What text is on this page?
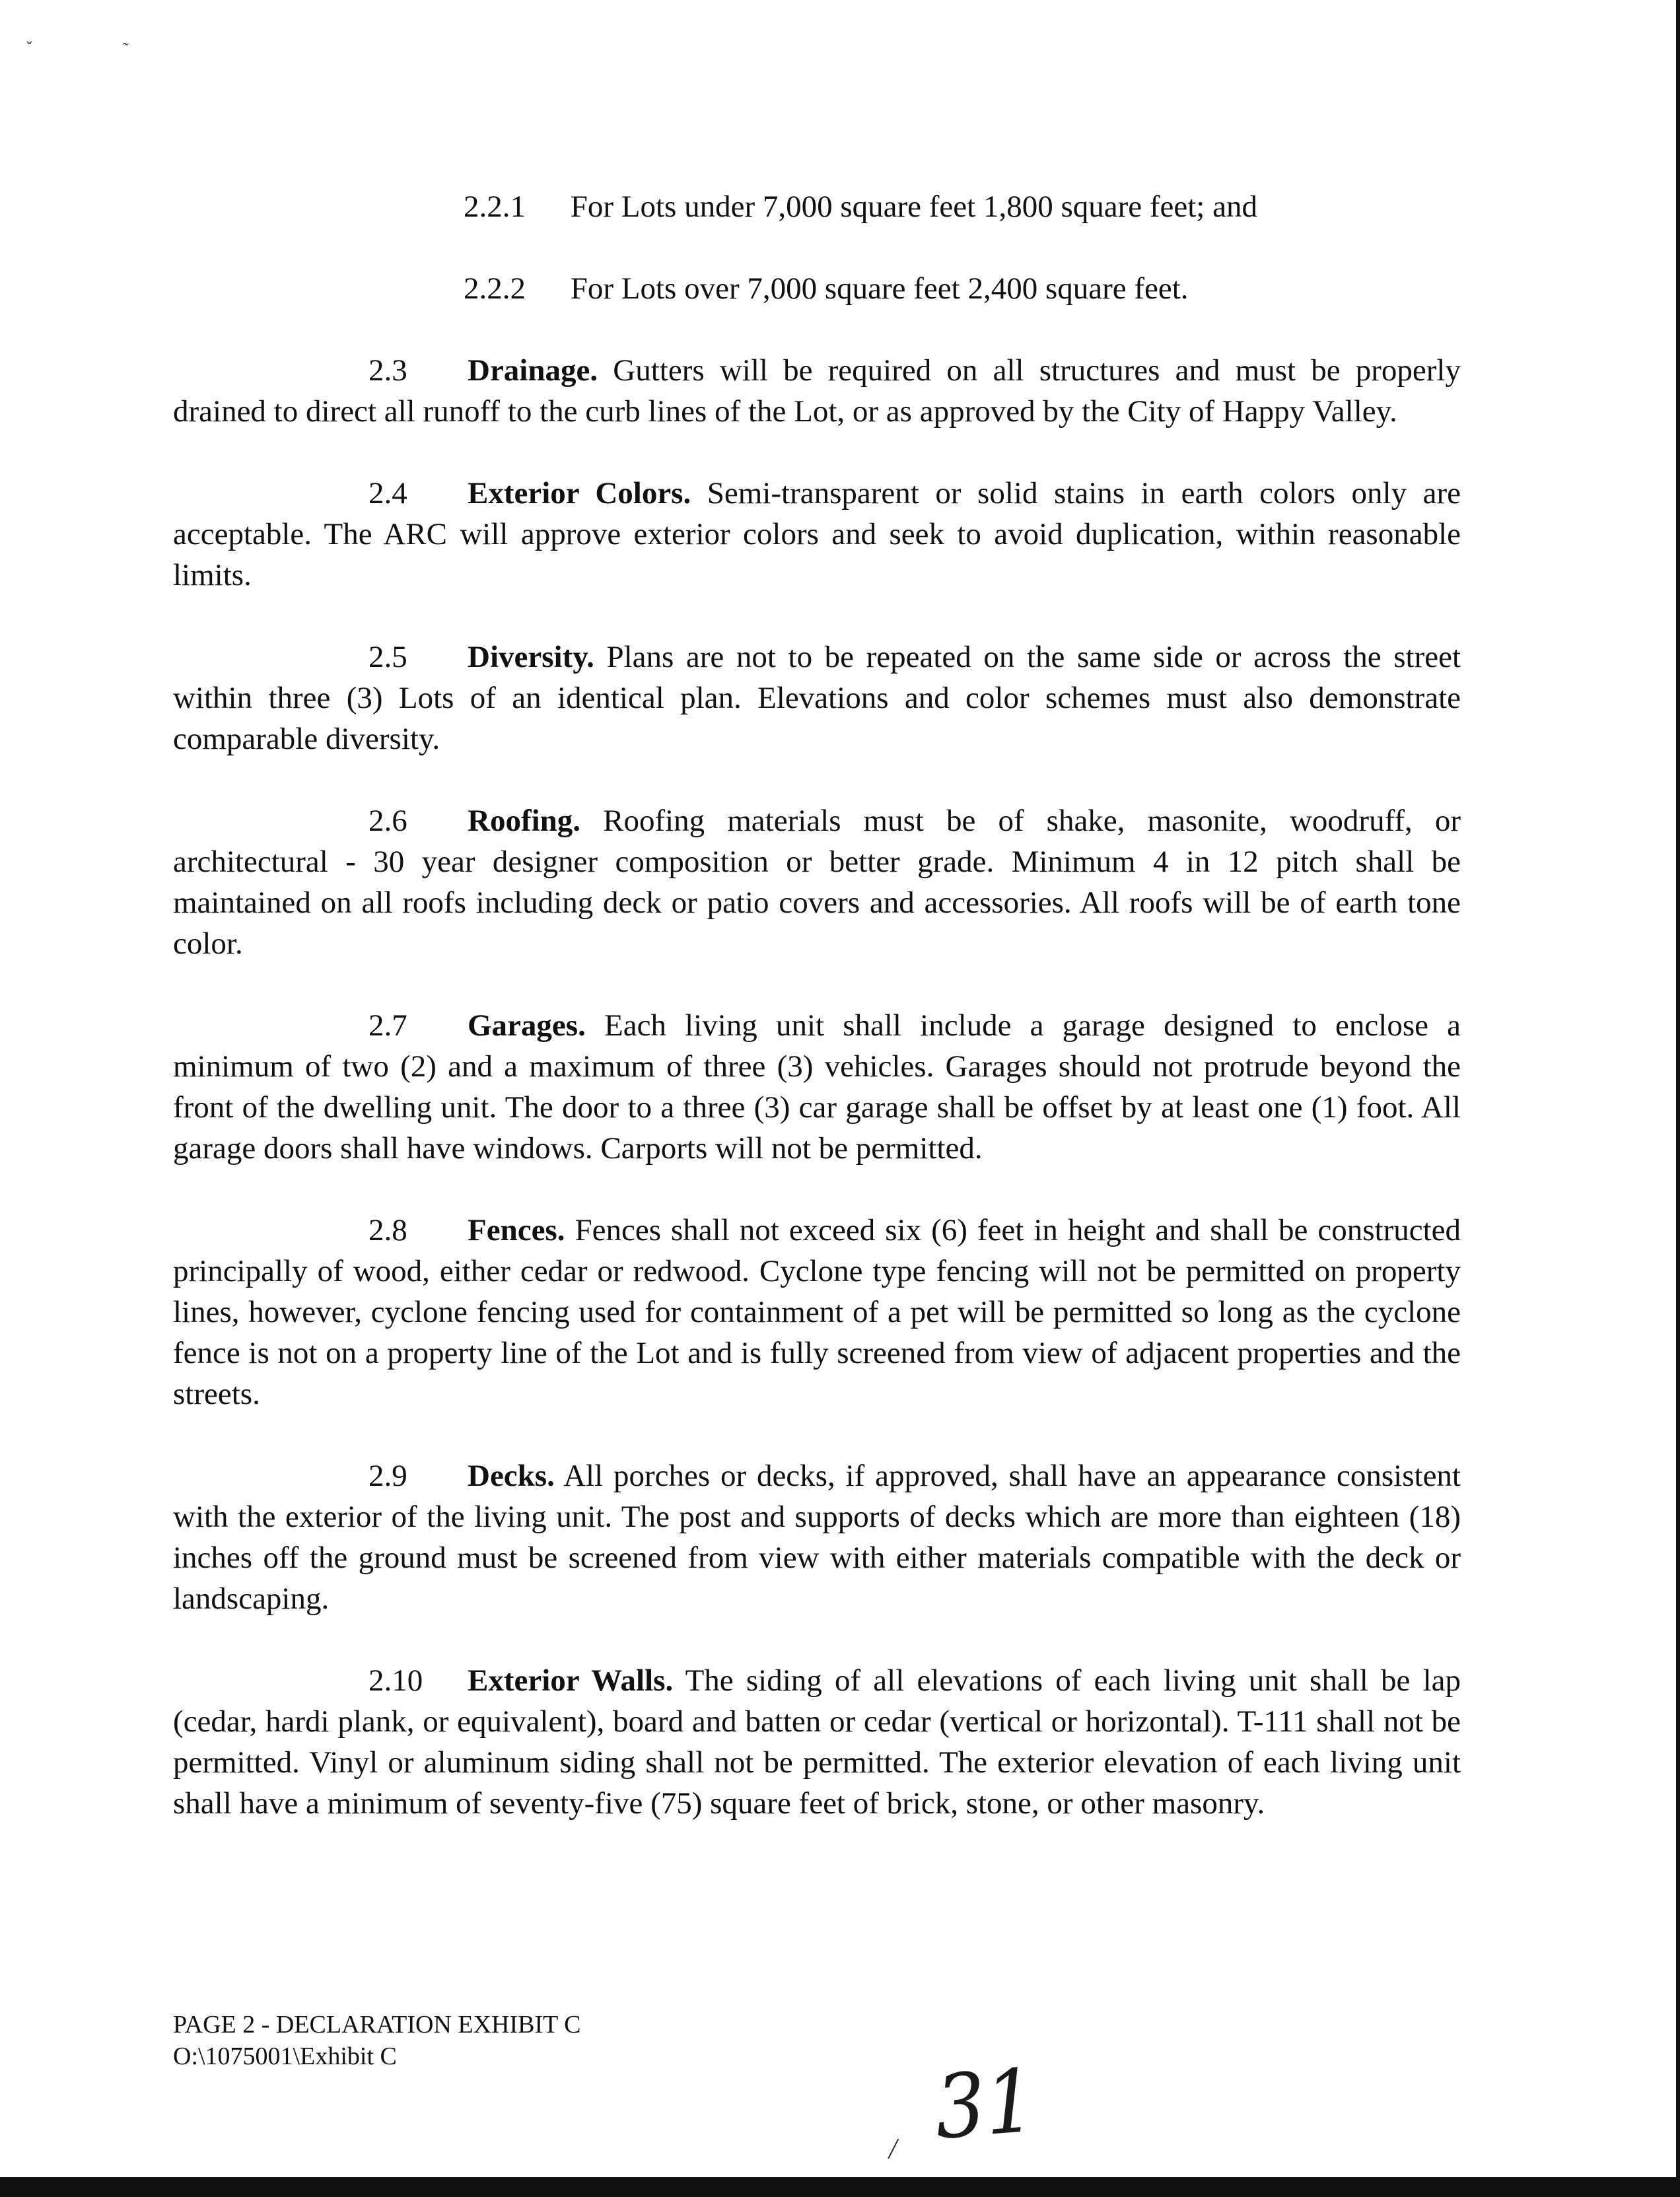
ˇ	˜
2.2.1 For Lots under 7,000 square feet 1,800 square feet; and
2.2.2 For Lots over 7,000 square feet 2,400 square feet.

2.3 Drainage. Gutters will be required on all structures and must be properly drained to direct all runoff to the curb lines of the Lot, or as approved by the City of Happy Valley.

2.4 Exterior Colors. Semi-transparent or solid stains in earth colors only are acceptable. The ARC will approve exterior colors and seek to avoid duplication, within reasonable limits.

2.5 Diversity. Plans are not to be repeated on the same side or across the street within three (3) Lots of an identical plan. Elevations and color schemes must also demonstrate comparable diversity.

2.6 Roofing. Roofing materials must be of shake, masonite, woodruff, or architectural - 30 year designer composition or better grade. Minimum 4 in 12 pitch shall be maintained on all roofs including deck or patio covers and accessories. All roofs will be of earth tone color.

2.7 Garages. Each living unit shall include a garage designed to enclose a minimum of two (2) and a maximum of three (3) vehicles. Garages should not protrude beyond the front of the dwelling unit. The door to a three (3) car garage shall be offset by at least one (1) foot. All garage doors shall have windows. Carports will not be permitted.

2.8 Fences. Fences shall not exceed six (6) feet in height and shall be constructed principally of wood, either cedar or redwood. Cyclone type fencing will not be permitted on property lines, however, cyclone fencing used for containment of a pet will be permitted so long as the cyclone fence is not on a property line of the Lot and is fully screened from view of adjacent properties and the streets.

2.9 Decks. All porches or decks, if approved, shall have an appearance consistent with the exterior of the living unit. The post and supports of decks which are more than eighteen (18) inches off the ground must be screened from view with either materials compatible with the deck or landscaping.

2.10 Exterior Walls. The siding of all elevations of each living unit shall be lap (cedar, hardi plank, or equivalent), board and batten or cedar (vertical or horizontal). T-111 shall not be permitted. Vinyl or aluminum siding shall not be permitted. The exterior elevation of each living unit shall have a minimum of seventy-five (75) square feet of brick, stone, or other masonry.

PAGE 2 - DECLARATION EXHIBIT C
O:\1075001\Exhibit C
/ 31
